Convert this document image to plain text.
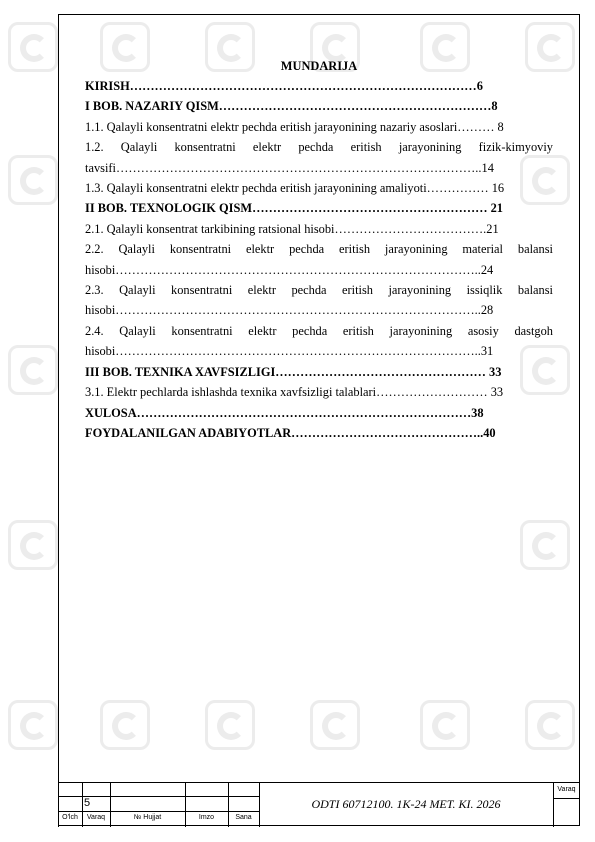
MUNDARIJA
KIRISH…………………………………………………………………………6
I BOB. NAZARIY QISM…………………………………………………………8
1.1. Qalayli konsentratni elektr pechda eritish jarayonining nazariy asoslari……… 8
1.2. Qalayli konsentratni elektr pechda eritish jarayonining fizik-kimyoviy tavsifi……………………………………………………………………………..14
1.3. Qalayli konsentratni elektr pechda eritish jarayonining amaliyoti…………… 16
II BOB. TEXNOLOGIK QISM………………………………………………… 21
2.1. Qalayli konsentrat tarkibining ratsional hisobi……………………………….21
2.2. Qalayli konsentratni elektr pechda eritish jarayonining material balansi hisobi……………………………………………………………………………..24
2.3. Qalayli konsentratni elektr pechda eritish jarayonining issiqlik balansi hisobi……………………………………………………………………………..28
2.4. Qalayli konsentratni elektr pechda eritish jarayonining asosiy dastgoh hisobi……………………………………………………………………………..31
III BOB. TEXNIKA XAVFSIZLIGI…………………………………………… 33
3.1. Elektr pechlarda ishlashda texnika xavfsizligi talablari……………………… 33
XULOSA………………………………………………………………………38
FOYDALANILGAN ADABIYOTLAR………………………………………..40
5
O'lch	Varaq	№ Hujjat	Imzo	Sana
ODTI 60712100. 1K-24 MET. KI. 2026
Varaq
